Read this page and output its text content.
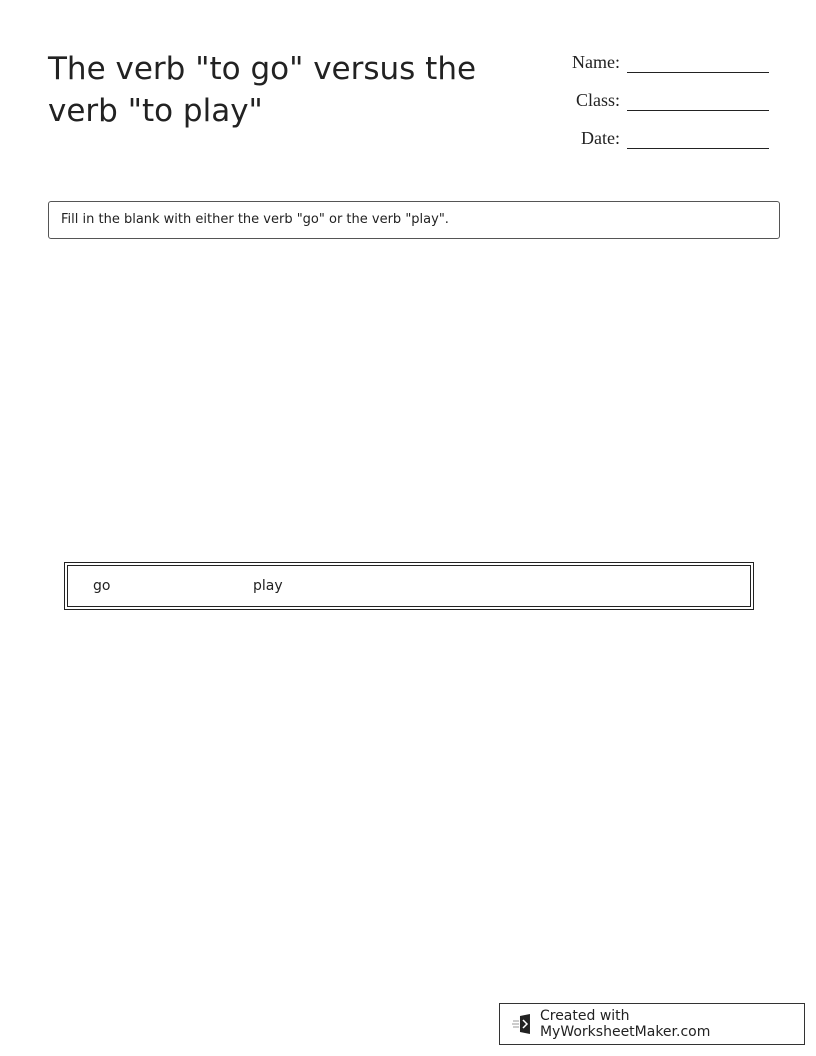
The verb "to go" versus the verb "to play"
Name:
Class:
Date:
Fill in the blank with either the verb "go" or the verb "play".
go	play
Created with MyWorksheetMaker.com
